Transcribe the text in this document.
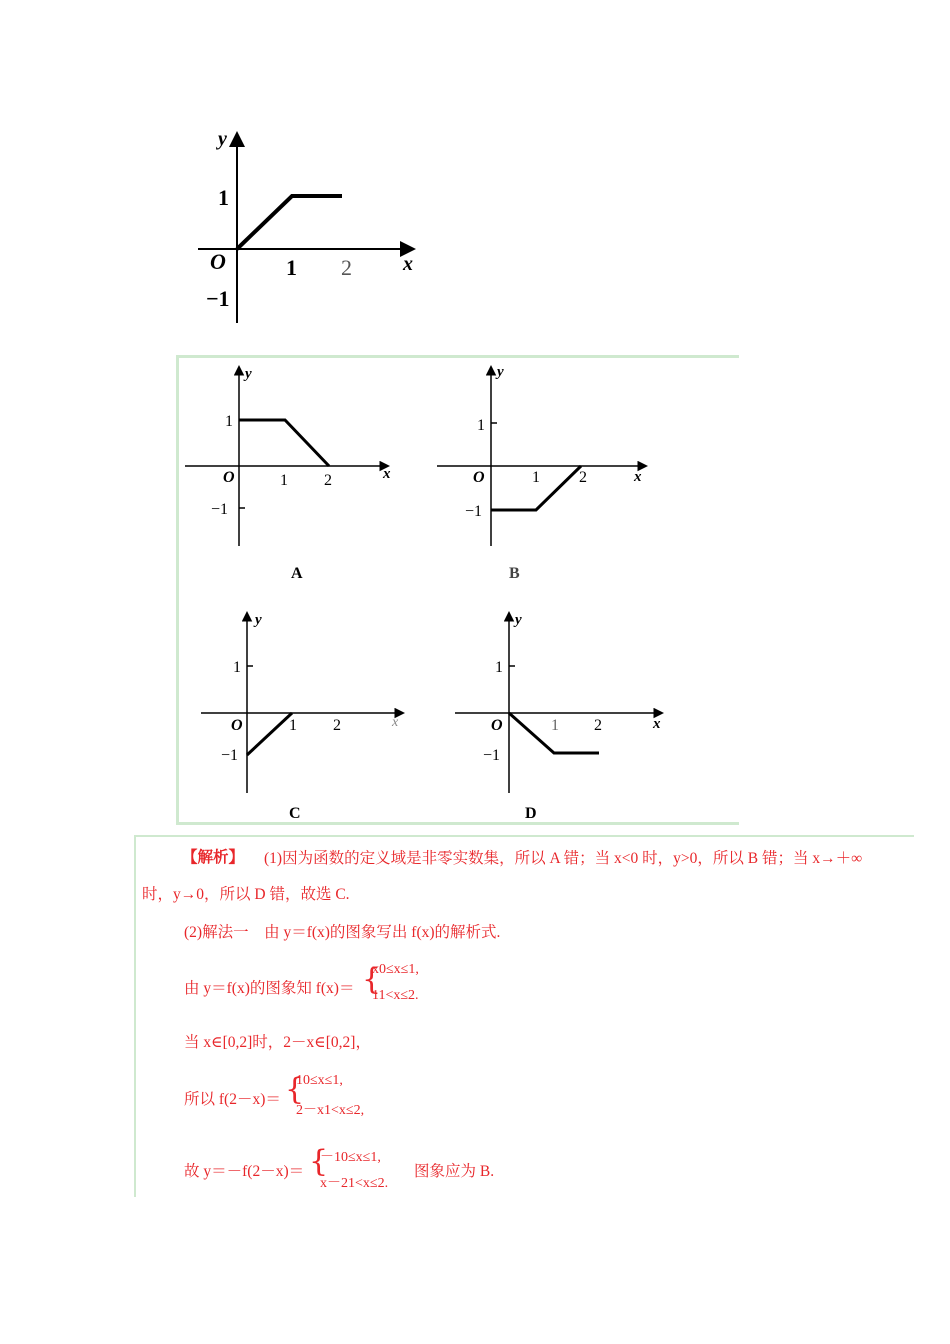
y
x
O	1 2
1
−1
y
x
O	1 2
1
−1
A
y
x
O	1 2
1
−1
B
y
x
O	1 2
1
−1
C
y
x
O	1 2
1
−1
D
【解析】 (1)因为函数的定义域是非零实数集，所以 A 错；当 x<0 时，y>0，所以 B 错；当 x→＋∞
时，y→0，所以 D 错，故选 C.
(2)解法一　由 y＝f(x)的图象写出 f(x)的解析式.
由 y＝f(x)的图象知 f(x)＝ {
x0≤x≤1,
11<x≤2.
当 x∈[0,2]时，2－x∈[0,2]，
所以 f(2－x)＝ {
10≤x≤1,
2－x1<x≤2,
故 y＝－f(2－x)＝ {
－10≤x≤1,
x－21<x≤2.
图象应为 B.
